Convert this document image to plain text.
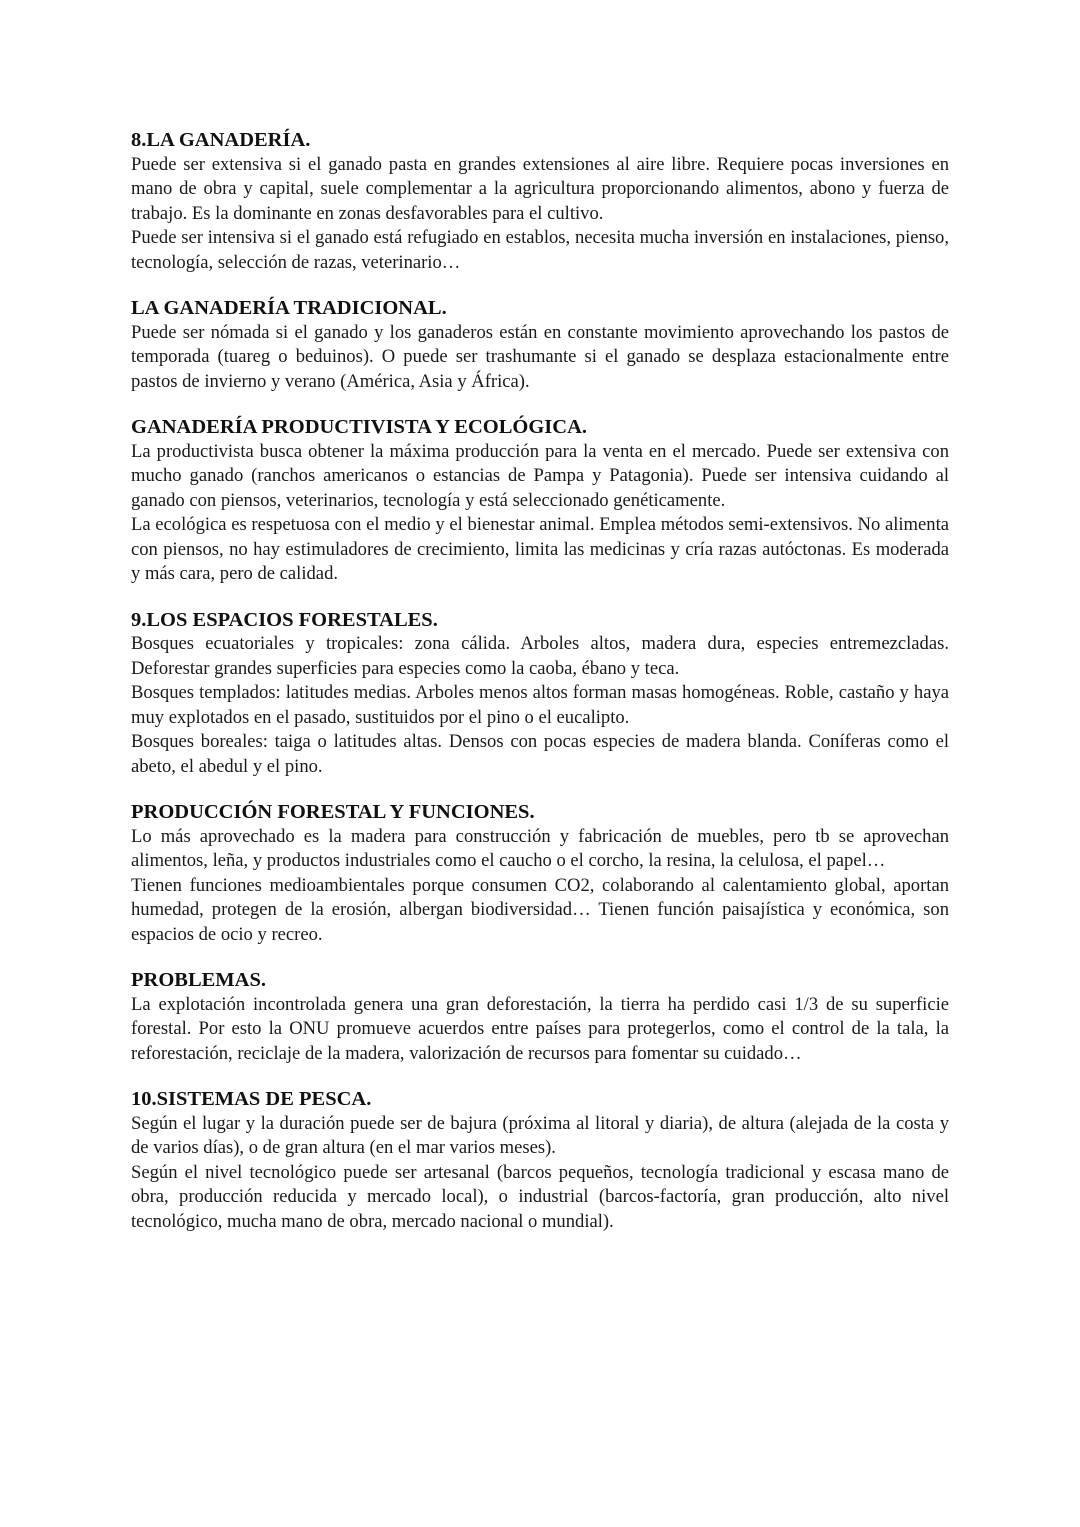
8.LA GANADERÍA.

Puede ser extensiva si el ganado pasta en grandes extensiones al aire libre. Requiere pocas inversiones en mano de obra y capital, suele complementar a la agricultura proporcionando alimentos, abono y fuerza de trabajo. Es la dominante en zonas desfavorables para el cultivo.

Puede ser intensiva si el ganado está refugiado en establos, necesita mucha inversión en instalaciones, pienso, tecnología, selección de razas, veterinario…

LA GANADERÍA TRADICIONAL.

Puede ser nómada si el ganado y los ganaderos están en constante movimiento aprovechando los pastos de temporada (tuareg o beduinos). O puede ser trashumante si el ganado se desplaza estacionalmente entre pastos de invierno y verano (América, Asia y África).

GANADERÍA PRODUCTIVISTA Y ECOLÓGICA.

La productivista busca obtener la máxima producción para la venta en el mercado. Puede ser extensiva con mucho ganado (ranchos americanos o estancias de Pampa y Patagonia). Puede ser intensiva cuidando al ganado con piensos, veterinarios, tecnología y está seleccionado genéticamente.

La ecológica es respetuosa con el medio y el bienestar animal. Emplea métodos semi-extensivos. No alimenta con piensos, no hay estimuladores de crecimiento, limita las medicinas y cría razas autóctonas. Es moderada y más cara, pero de calidad.

9.LOS ESPACIOS FORESTALES.

Bosques ecuatoriales y tropicales: zona cálida. Arboles altos, madera dura, especies entremezcladas. Deforestar grandes superficies para especies como la caoba, ébano y teca.

Bosques templados: latitudes medias. Arboles menos altos forman masas homogéneas. Roble, castaño y haya muy explotados en el pasado, sustituidos por el pino o el eucalipto.

Bosques boreales: taiga o latitudes altas. Densos con pocas especies de madera blanda. Coníferas como el abeto, el abedul y el pino.

PRODUCCIÓN FORESTAL Y FUNCIONES.

Lo más aprovechado es la madera para construcción y fabricación de muebles, pero tb se aprovechan alimentos, leña, y productos industriales como el caucho o el corcho, la resina, la celulosa, el papel…

Tienen funciones medioambientales porque consumen CO2, colaborando al calentamiento global, aportan humedad, protegen de la erosión, albergan biodiversidad… Tienen función paisajística y económica, son espacios de ocio y recreo.

PROBLEMAS.

La explotación incontrolada genera una gran deforestación, la tierra ha perdido casi 1/3 de su superficie forestal. Por esto la ONU promueve acuerdos entre países para protegerlos, como el control de la tala, la reforestación, reciclaje de la madera, valorización de recursos para fomentar su cuidado…

10.SISTEMAS DE PESCA.

Según el lugar y la duración puede ser de bajura (próxima al litoral y diaria), de altura (alejada de la costa y de varios días), o de gran altura (en el mar varios meses).

Según el nivel tecnológico puede ser artesanal (barcos pequeños, tecnología tradicional y escasa mano de obra, producción reducida y mercado local), o industrial (barcos-factoría, gran producción, alto nivel tecnológico, mucha mano de obra, mercado nacional o mundial).
